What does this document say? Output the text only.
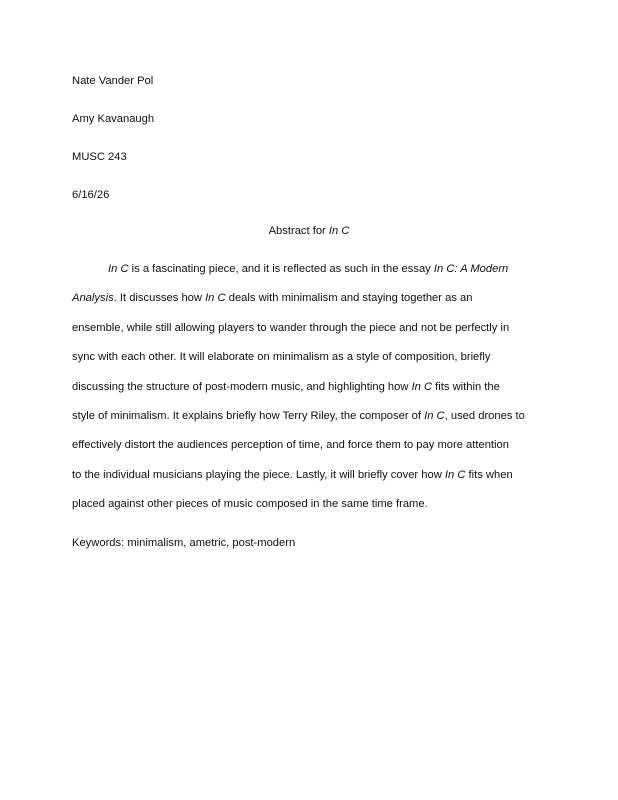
Nate Vander Pol
Amy Kavanaugh
MUSC 243
6/16/26
Abstract for In C
In C is a fascinating piece, and it is reflected as such in the essay In C: A Modern
Analysis. It discusses how In C deals with minimalism and staying together as an
ensemble, while still allowing players to wander through the piece and not be perfectly in
sync with each other. It will elaborate on minimalism as a style of composition, briefly
discussing the structure of post-modern music, and highlighting how In C fits within the
style of minimalism. It explains briefly how Terry Riley, the composer of In C, used drones to
effectively distort the audiences perception of time, and force them to pay more attention
to the individual musicians playing the piece. Lastly, it will briefly cover how In C fits when
placed against other pieces of music composed in the same time frame.
Keywords: minimalism, ametric, post-modern
